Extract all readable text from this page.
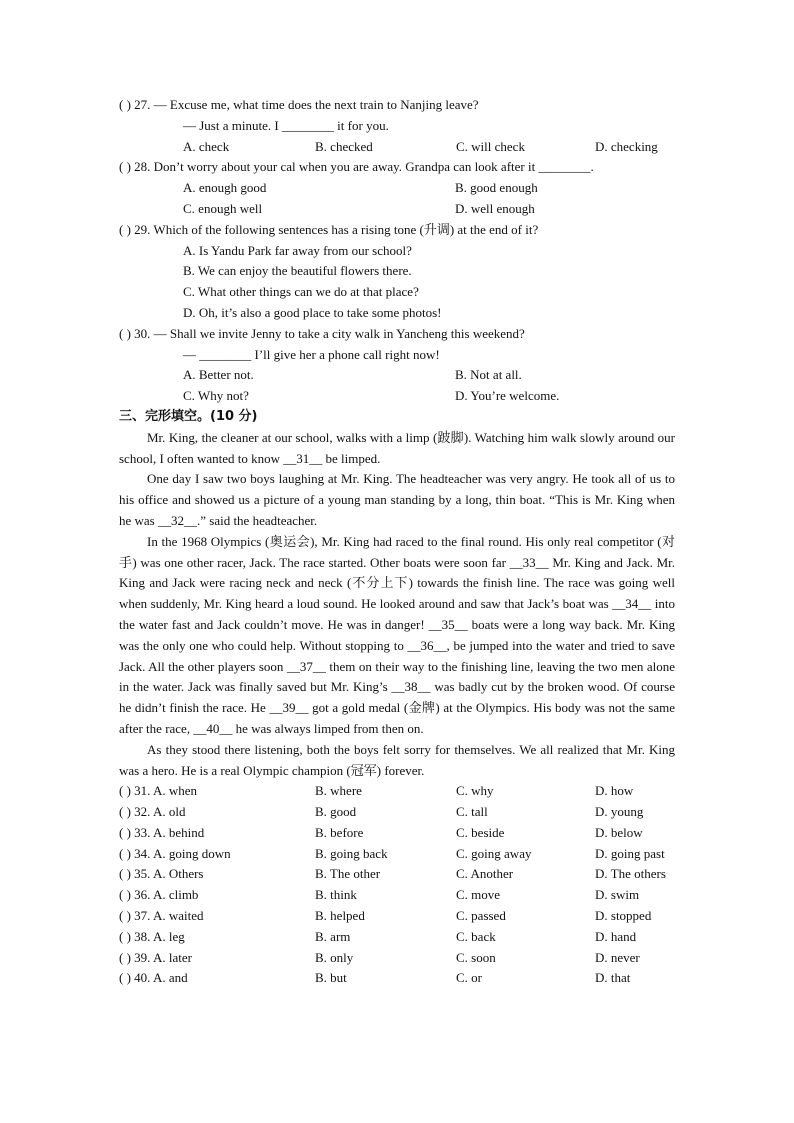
( ) 27. — Excuse me, what time does the next train to Nanjing leave?
— Just a minute. I ________ it for you.
A. check	B. checked	C. will check	D. checking
( ) 28. Don’t worry about your cal when you are away. Grandpa can look after it ________.
A. enough good	B. good enough
C. enough well	D. well enough
( ) 29. Which of the following sentences has a rising tone (升调) at the end of it?
A. Is Yandu Park far away from our school?
B. We can enjoy the beautiful flowers there.
C. What other things can we do at that place?
D. Oh, it’s also a good place to take some photos!
( ) 30. — Shall we invite Jenny to take a city walk in Yancheng this weekend?
— ________ I’ll give her a phone call right now!
A. Better not.	B. Not at all.
C. Why not?	D. You’re welcome.
三、完形填空。(10 分)

Mr. King, the cleaner at our school, walks with a limp (跛脚). Watching him walk slowly around our school, I often wanted to know __31__ be limped.

One day I saw two boys laughing at Mr. King. The headteacher was very angry. He took all of us to his office and showed us a picture of a young man standing by a long, thin boat. “This is Mr. King when he was __32__.” said the headteacher.

In the 1968 Olympics (奥运会), Mr. King had raced to the final round. His only real competitor (对手) was one other racer, Jack. The race started. Other boats were soon far __33__ Mr. King and Jack. Mr. King and Jack were racing neck and neck (不分上下) towards the finish line. The race was going well when suddenly, Mr. King heard a loud sound. He looked around and saw that Jack’s boat was __34__ into the water fast and Jack couldn’t move. He was in danger! __35__ boats were a long way back. Mr. King was the only one who could help. Without stopping to __36__, be jumped into the water and tried to save Jack. All the other players soon __37__ them on their way to the finishing line, leaving the two men alone in the water. Jack was finally saved but Mr. King’s __38__ was badly cut by the broken wood. Of course he didn’t finish the race. He __39__ got a gold medal (金牌) at the Olympics. His body was not the same after the race, __40__ he was always limped from then on.

As they stood there listening, both the boys felt sorry for themselves. We all realized that Mr. King was a hero. He is a real Olympic champion (冠军) forever.

( ) 31. A. when	B. where	C. why	D. how
( ) 32. A. old	B. good	C. tall	D. young
( ) 33. A. behind	B. before	C. beside	D. below
( ) 34. A. going down	B. going back	C. going away	D. going past
( ) 35. A. Others	B. The other	C. Another	D. The others
( ) 36. A. climb	B. think	C. move	D. swim
( ) 37. A. waited	B. helped	C. passed	D. stopped
( ) 38. A. leg	B. arm	C. back	D. hand
( ) 39. A. later	B. only	C. soon	D. never
( ) 40. A. and	B. but	C. or	D. that
